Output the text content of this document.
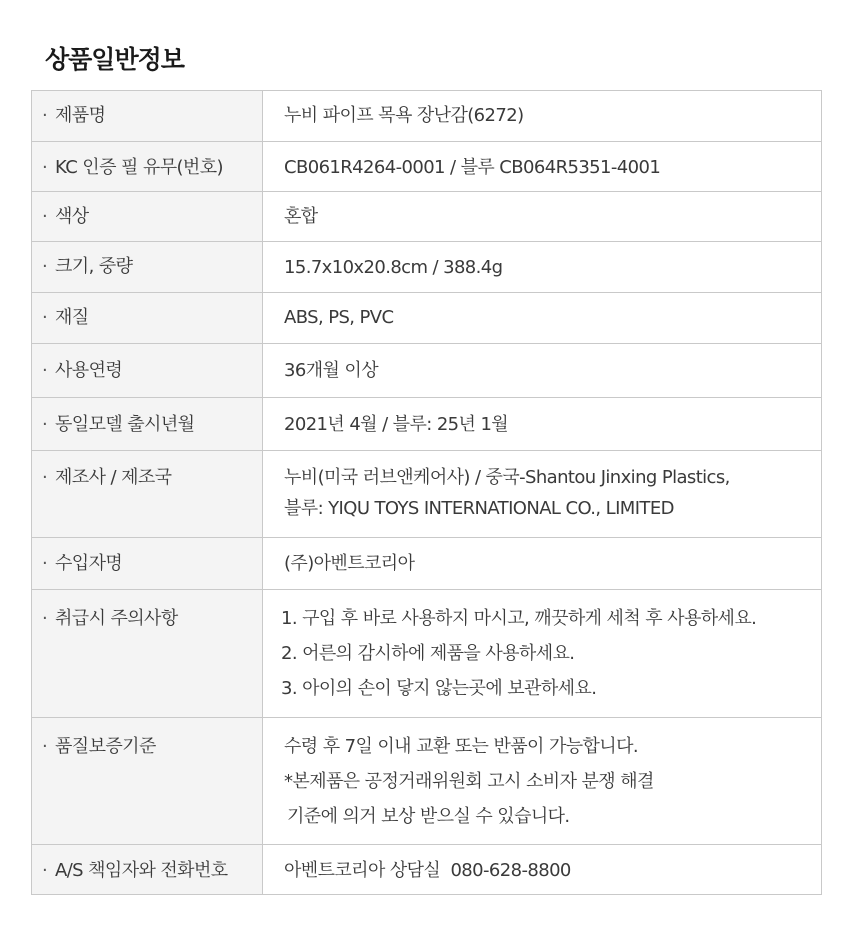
상품일반정보
· 제품명	누비 파이프 목욕 장난감(6272)

· KC 인증 필 유무(번호)	CB061R4264-0001 / 블루 CB064R5351-4001

· 색상	혼합

· 크기, 중량	15.7x10x20.8cm / 388.4g

· 재질	ABS, PS, PVC

· 사용연령	36개월 이상

· 동일모델 출시년월	2021년 4월 / 블루: 25년 1월

· 제조사 / 제조국	누비(미국 러브앤케어사) / 중국-Shantou Jinxing Plastics,
블루: YIQU TOYS INTERNATIONAL CO., LIMITED

· 수입자명	(주)아벤트코리아

· 취급시 주의사항	1. 구입 후 바로 사용하지 마시고, 깨끗하게 세척 후 사용하세요.
2. 어른의 감시하에 제품을 사용하세요.
3. 아이의 손이 닿지 않는곳에 보관하세요.

· 품질보증기준	수령 후 7일 이내 교환 또는 반품이 가능합니다.
*본제품은 공정거래위원회 고시 소비자 분쟁 해결
기준에 의거 보상 받으실 수 있습니다.

· A/S 책임자와 전화번호	아벤트코리아 상담실  080-628-8800
